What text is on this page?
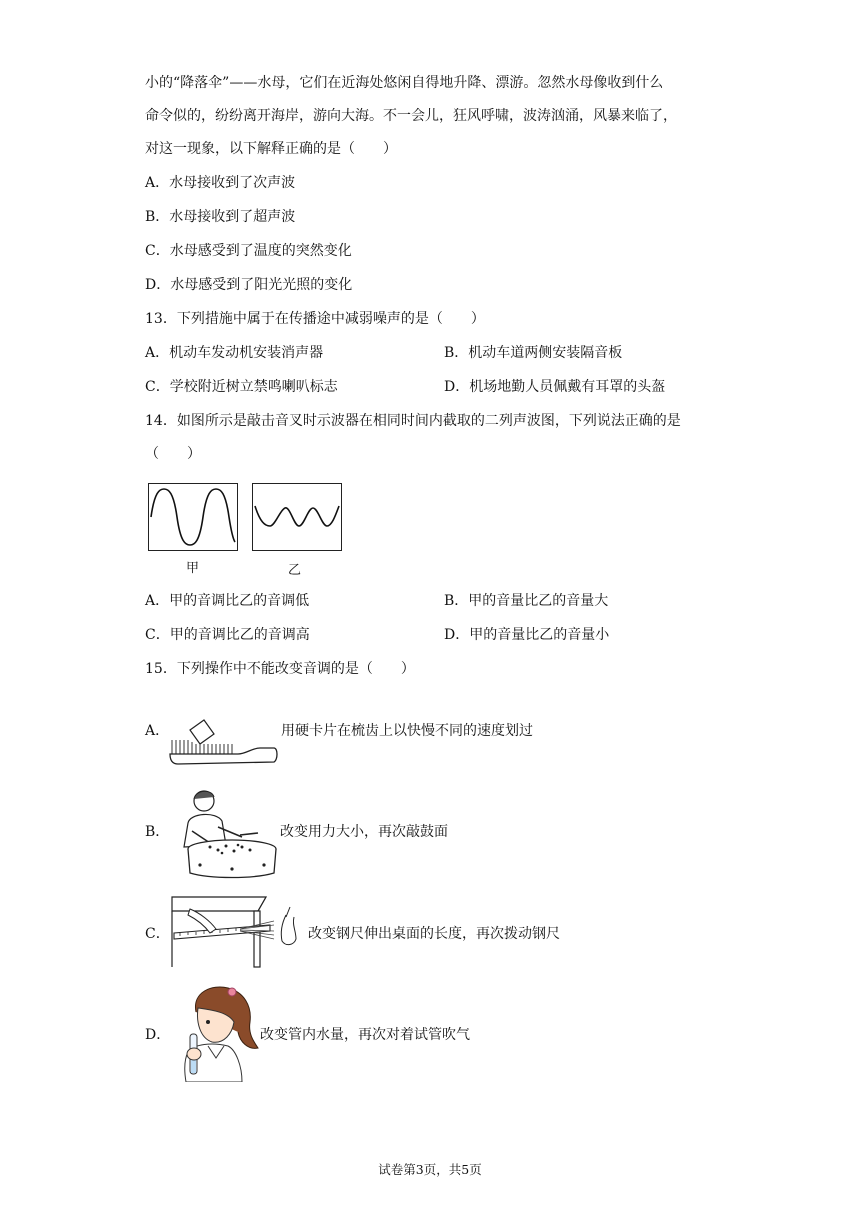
小的“降落伞”——水母，它们在近海处悠闲自得地升降、漂游。忽然水母像收到什么
命令似的，纷纷离开海岸，游向大海。不一会儿，狂风呼啸，波涛汹涌，风暴来临了，
对这一现象，以下解释正确的是（　　）
A．水母接收到了次声波
B．水母接收到了超声波
C．水母感受到了温度的突然变化
D．水母感受到了阳光光照的变化
13．下列措施中属于在传播途中减弱噪声的是（　　）
A．机动车发动机安装消声器	B．机动车道两侧安装隔音板
C．学校附近树立禁鸣喇叭标志	D．机场地勤人员佩戴有耳罩的头盔
14．如图所示是敲击音叉时示波器在相同时间内截取的二列声波图，下列说法正确的是
（　　）
甲	乙
A．甲的音调比乙的音调低	B．甲的音量比乙的音量大
C．甲的音调比乙的音调高	D．甲的音量比乙的音量小
15．下列操作中不能改变音调的是（　　）
A．	用硬卡片在梳齿上以快慢不同的速度划过
B．	改变用力大小，再次敲鼓面
C．	改变钢尺伸出桌面的长度，再次拨动钢尺
D．	改变管内水量，再次对着试管吹气
试卷第3页，共5页
